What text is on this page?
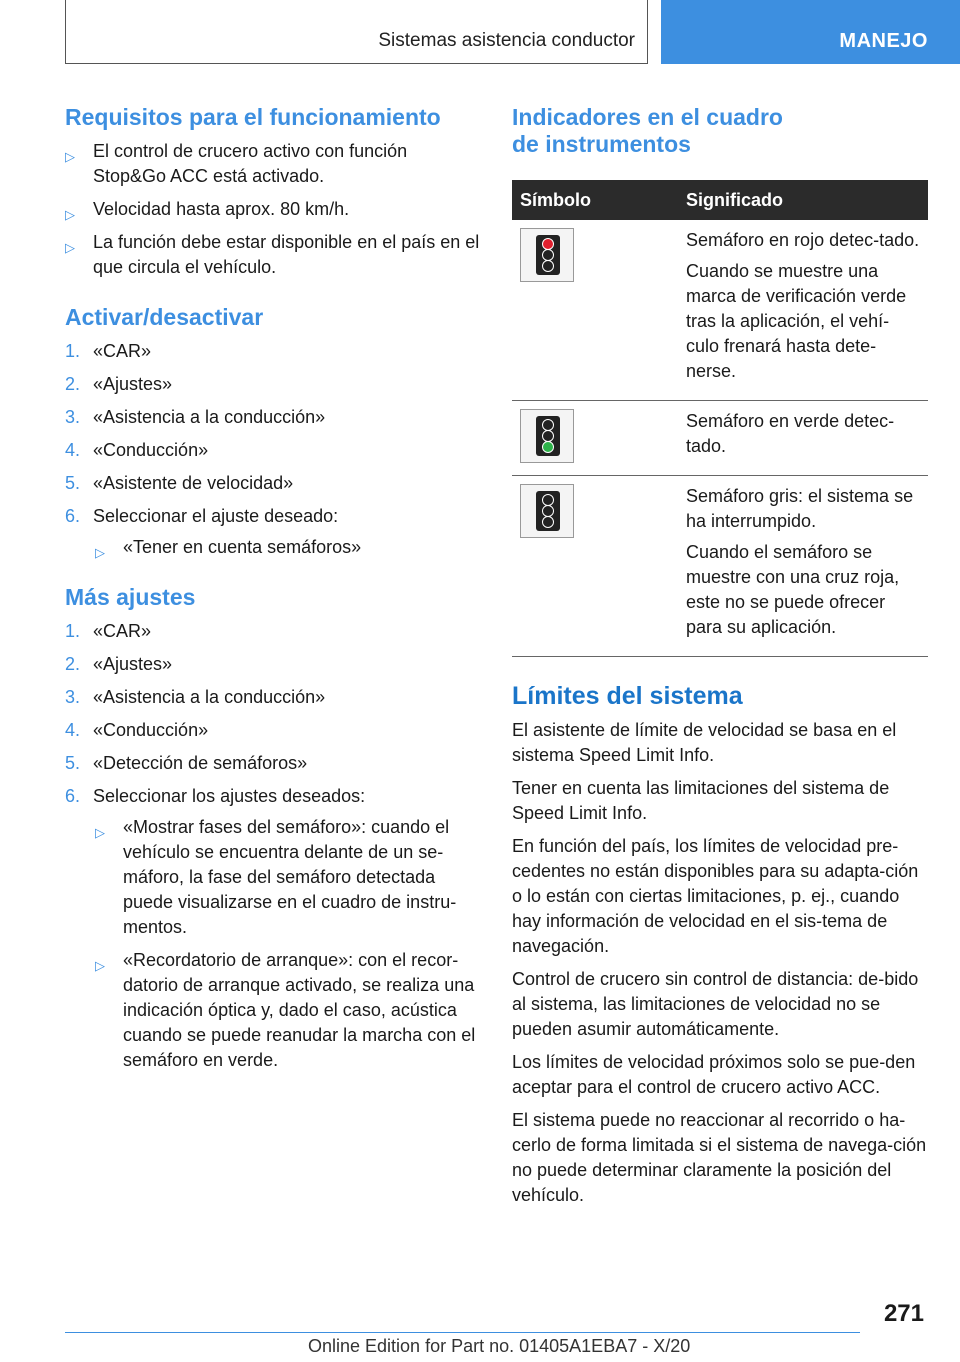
Sistemas asistencia conductor	MANEJO
Requisitos para el funcionamiento
▷ El control de crucero activo con función Stop&Go ACC está activado.
▷ Velocidad hasta aprox. 80 km/h.
▷ La función debe estar disponible en el país en el que circula el vehículo.
Activar/desactivar
1. «CAR»
2. «Ajustes»
3. «Asistencia a la conducción»
4. «Conducción»
5. «Asistente de velocidad»
6. Seleccionar el ajuste deseado:
▷ «Tener en cuenta semáforos»
Más ajustes
1. «CAR»
2. «Ajustes»
3. «Asistencia a la conducción»
4. «Conducción»
5. «Detección de semáforos»
6. Seleccionar los ajustes deseados:
▷ «Mostrar fases del semáforo»: cuando el vehículo se encuentra delante de un se-máforo, la fase del semáforo detectada puede visualizarse en el cuadro de instru-mentos.
▷ «Recordatorio de arranque»: con el recor-datorio de arranque activado, se realiza una indicación óptica y, dado el caso, acústica cuando se puede reanudar la marcha con el semáforo en verde.
Indicadores en el cuadro
de instrumentos
Símbolo	Significado

	Semáforo en rojo detec-tado.

Cuando se muestre una marca de verificación verde tras la aplicación, el vehí-culo frenará hasta dete-nerse.

	Semáforo en verde detec-tado.

	Semáforo gris: el sistema se ha interrumpido.

Cuando el semáforo se muestre con una cruz roja, este no se puede ofrecer para su aplicación.

Límites del sistema

El asistente de límite de velocidad se basa en el sistema Speed Limit Info.

Tener en cuenta las limitaciones del sistema de Speed Limit Info.

En función del país, los límites de velocidad pre-cedentes no están disponibles para su adapta-ción o lo están con ciertas limitaciones, p. ej., cuando hay información de velocidad en el sis-tema de navegación.

Control de crucero sin control de distancia: de-bido al sistema, las limitaciones de velocidad no se pueden asumir automáticamente.

Los límites de velocidad próximos solo se pue-den aceptar para el control de crucero activo ACC.

El sistema puede no reaccionar al recorrido o ha-cerlo de forma limitada si el sistema de navega-ción no puede determinar claramente la posición del vehículo.

271
Online Edition for Part no. 01405A1EBA7 - X/20
